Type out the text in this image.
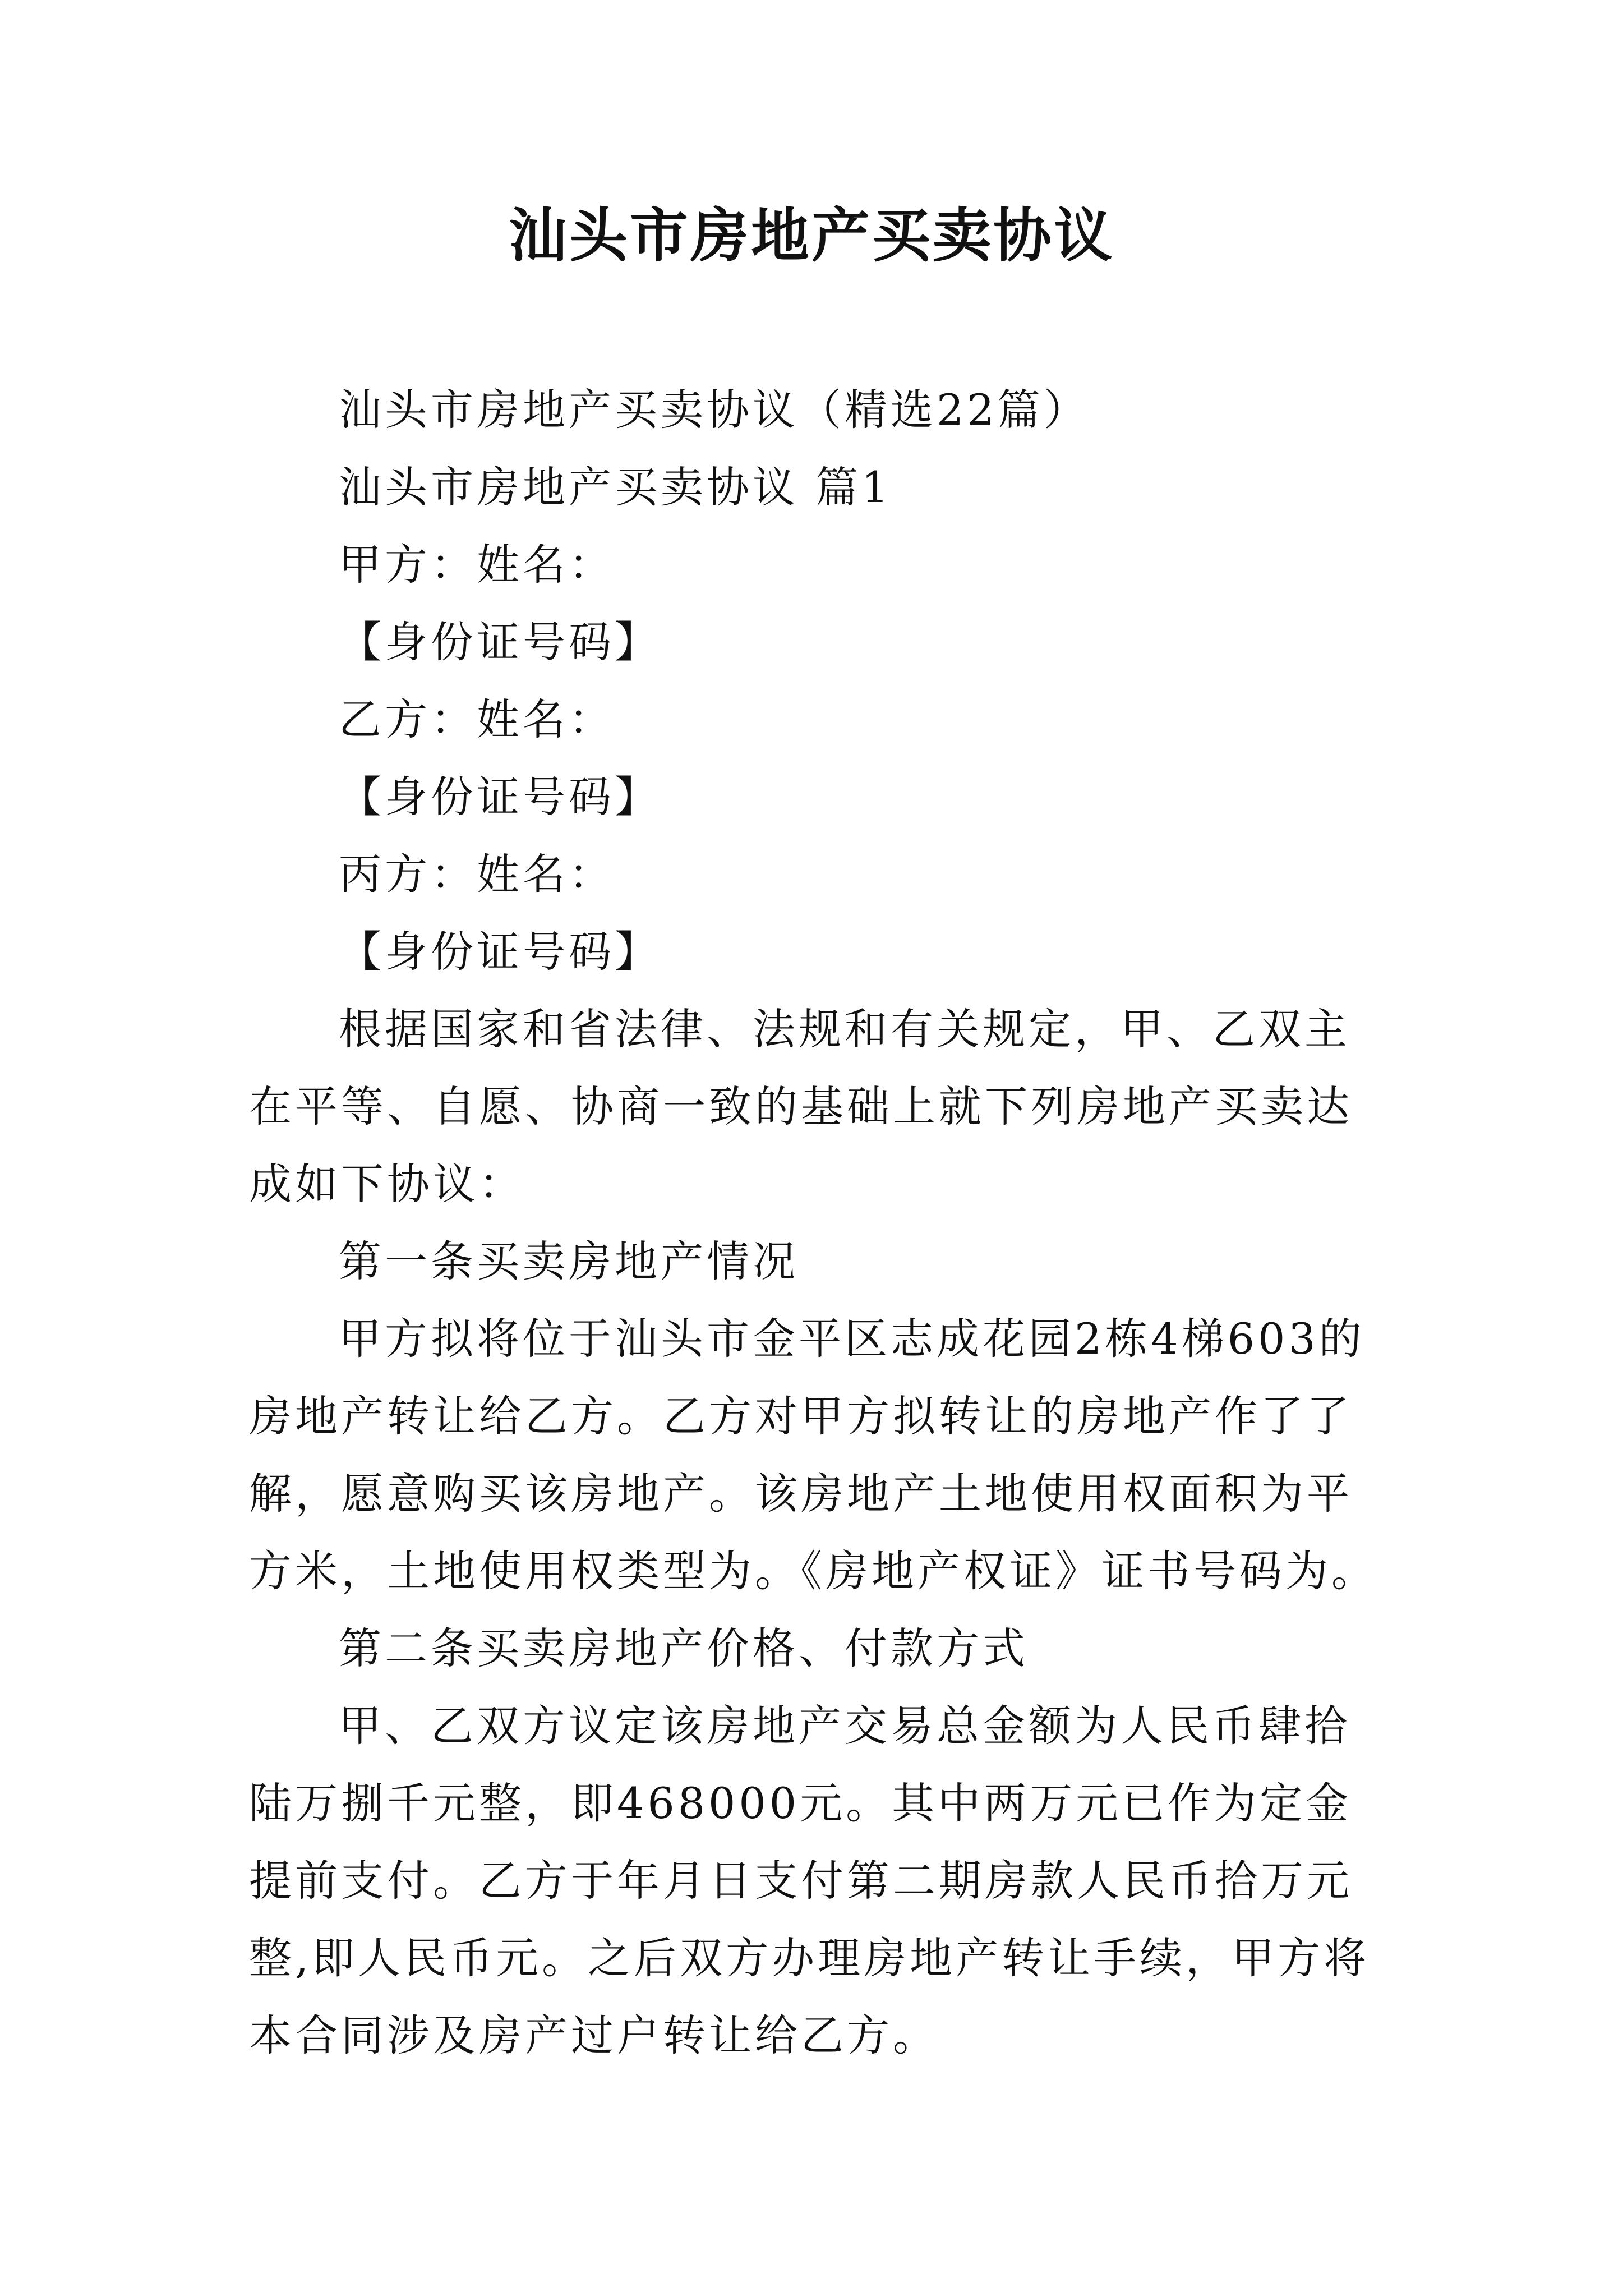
汕头市房地产买卖协议

汕头市房地产买卖协议（精选22篇）

汕头市房地产买卖协议 篇1

甲方：姓名：

【身份证号码】

乙方：姓名：

【身份证号码】

丙方：姓名：

【身份证号码】

根据国家和省法律、法规和有关规定，甲、乙双主在平等、自愿、协商一致的基础上就下列房地产买卖达成如下协议：

第一条买卖房地产情况

甲方拟将位于汕头市金平区志成花园2栋4梯603的房地产转让给乙方。乙方对甲方拟转让的房地产作了了解，愿意购买该房地产。该房地产土地使用权面积为平方米，土地使用权类型为。《房地产权证》证书号码为。

第二条买卖房地产价格、付款方式

甲、乙双方议定该房地产交易总金额为人民币肆拾陆万捌千元整，即468000元。其中两万元已作为定金提前支付。乙方于年月日支付第二期房款人民币拾万元整,即人民币元。之后双方办理房地产转让手续，甲方将本合同涉及房产过户转让给乙方。
